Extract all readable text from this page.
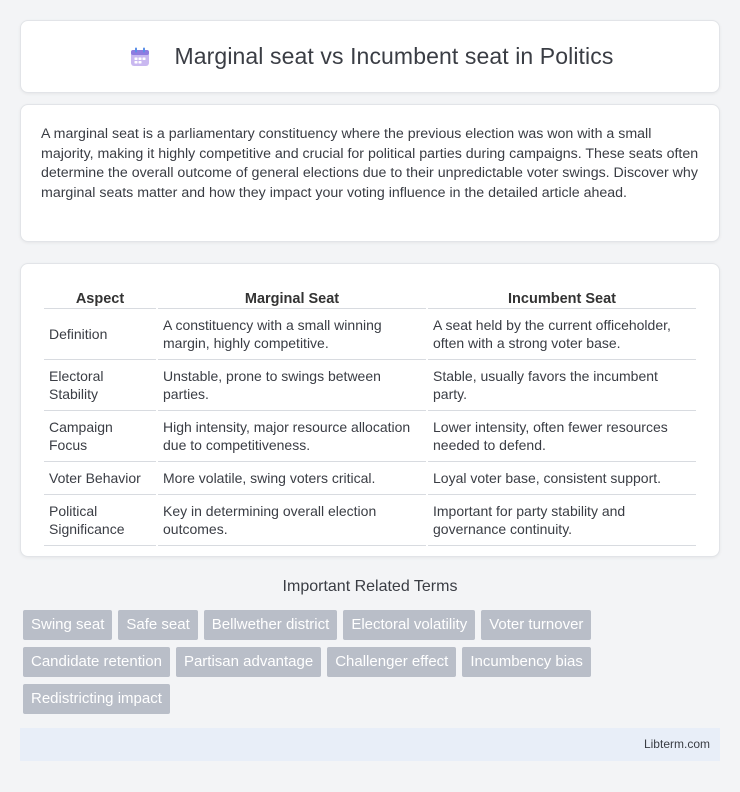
Marginal seat vs Incumbent seat in Politics

A marginal seat is a parliamentary constituency where the previous election was won with a small majority, making it highly competitive and crucial for political parties during campaigns. These seats often determine the overall outcome of general elections due to their unpredictable voter swings. Discover why marginal seats matter and how they impact your voting influence in the detailed article ahead.

Aspect	Marginal Seat	Incumbent Seat
Definition	A constituency with a small winning margin, highly competitive.	A seat held by the current officeholder, often with a strong voter base.
Electoral Stability	Unstable, prone to swings between parties.	Stable, usually favors the incumbent party.
Campaign Focus	High intensity, major resource allocation due to competitiveness.	Lower intensity, often fewer resources needed to defend.
Voter Behavior	More volatile, swing voters critical.	Loyal voter base, consistent support.
Political Significance	Key in determining overall election outcomes.	Important for party stability and governance continuity.
Important Related Terms
Swing seat	Safe seat	Bellwether district	Electoral volatility	Voter turnover
Candidate retention	Partisan advantage	Challenger effect	Incumbency bias
Redistricting impact
Libterm.com
